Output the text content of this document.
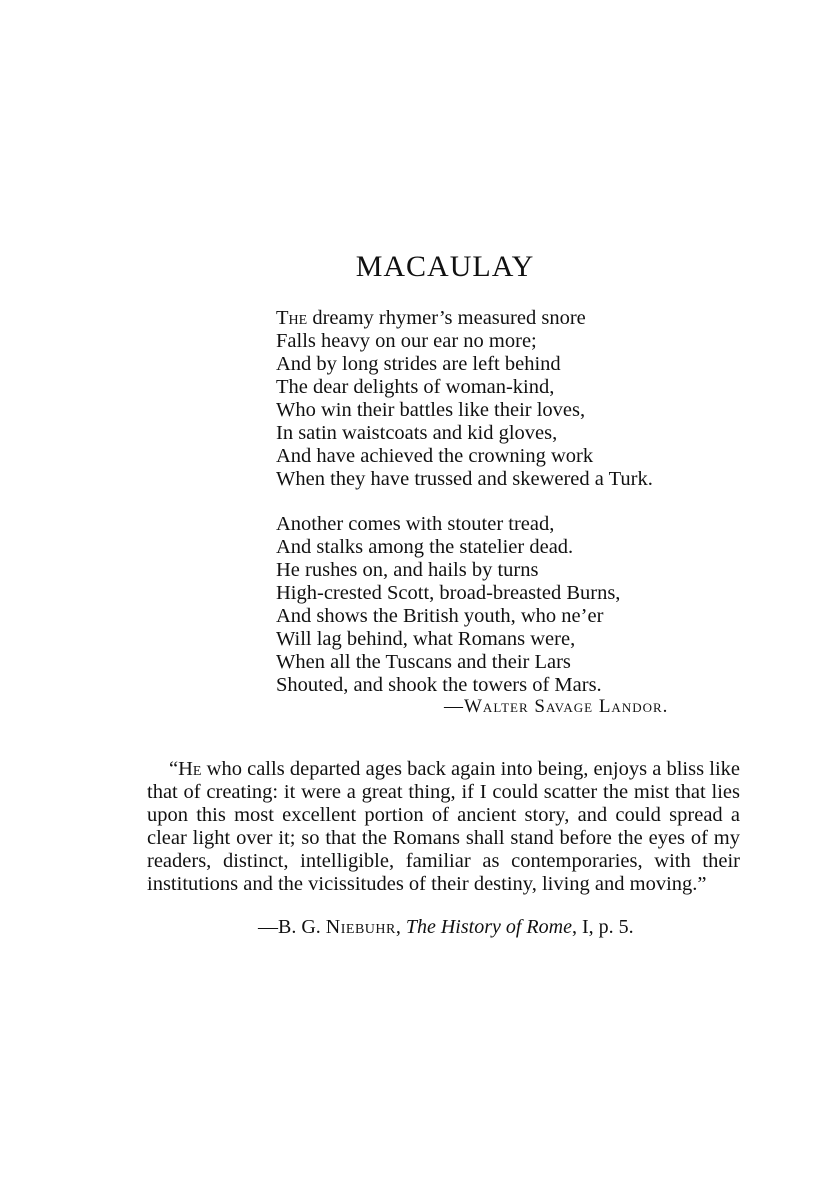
MACAULAY
The dreamy rhymer’s measured snore
Falls heavy on our ear no more;
And by long strides are left behind
The dear delights of woman-kind,
Who win their battles like their loves,
In satin waistcoats and kid gloves,
And have achieved the crowning work
When they have trussed and skewered a Turk.
Another comes with stouter tread,
And stalks among the statelier dead.
He rushes on, and hails by turns
High-crested Scott, broad-breasted Burns,
And shows the British youth, who ne’er
Will lag behind, what Romans were,
When all the Tuscans and their Lars
Shouted, and shook the towers of Mars.
—Walter Savage Landor.

“He who calls departed ages back again into being, enjoys a bliss like that of creating: it were a great thing, if I could scatter the mist that lies upon this most excellent portion of ancient story, and could spread a clear light over it; so that the Romans shall stand before the eyes of my readers, distinct, intelligible, familiar as contemporaries, with their institutions and the vicissitudes of their destiny, living and moving.”

—B. G. Niebuhr, The History of Rome, I, p. 5.
